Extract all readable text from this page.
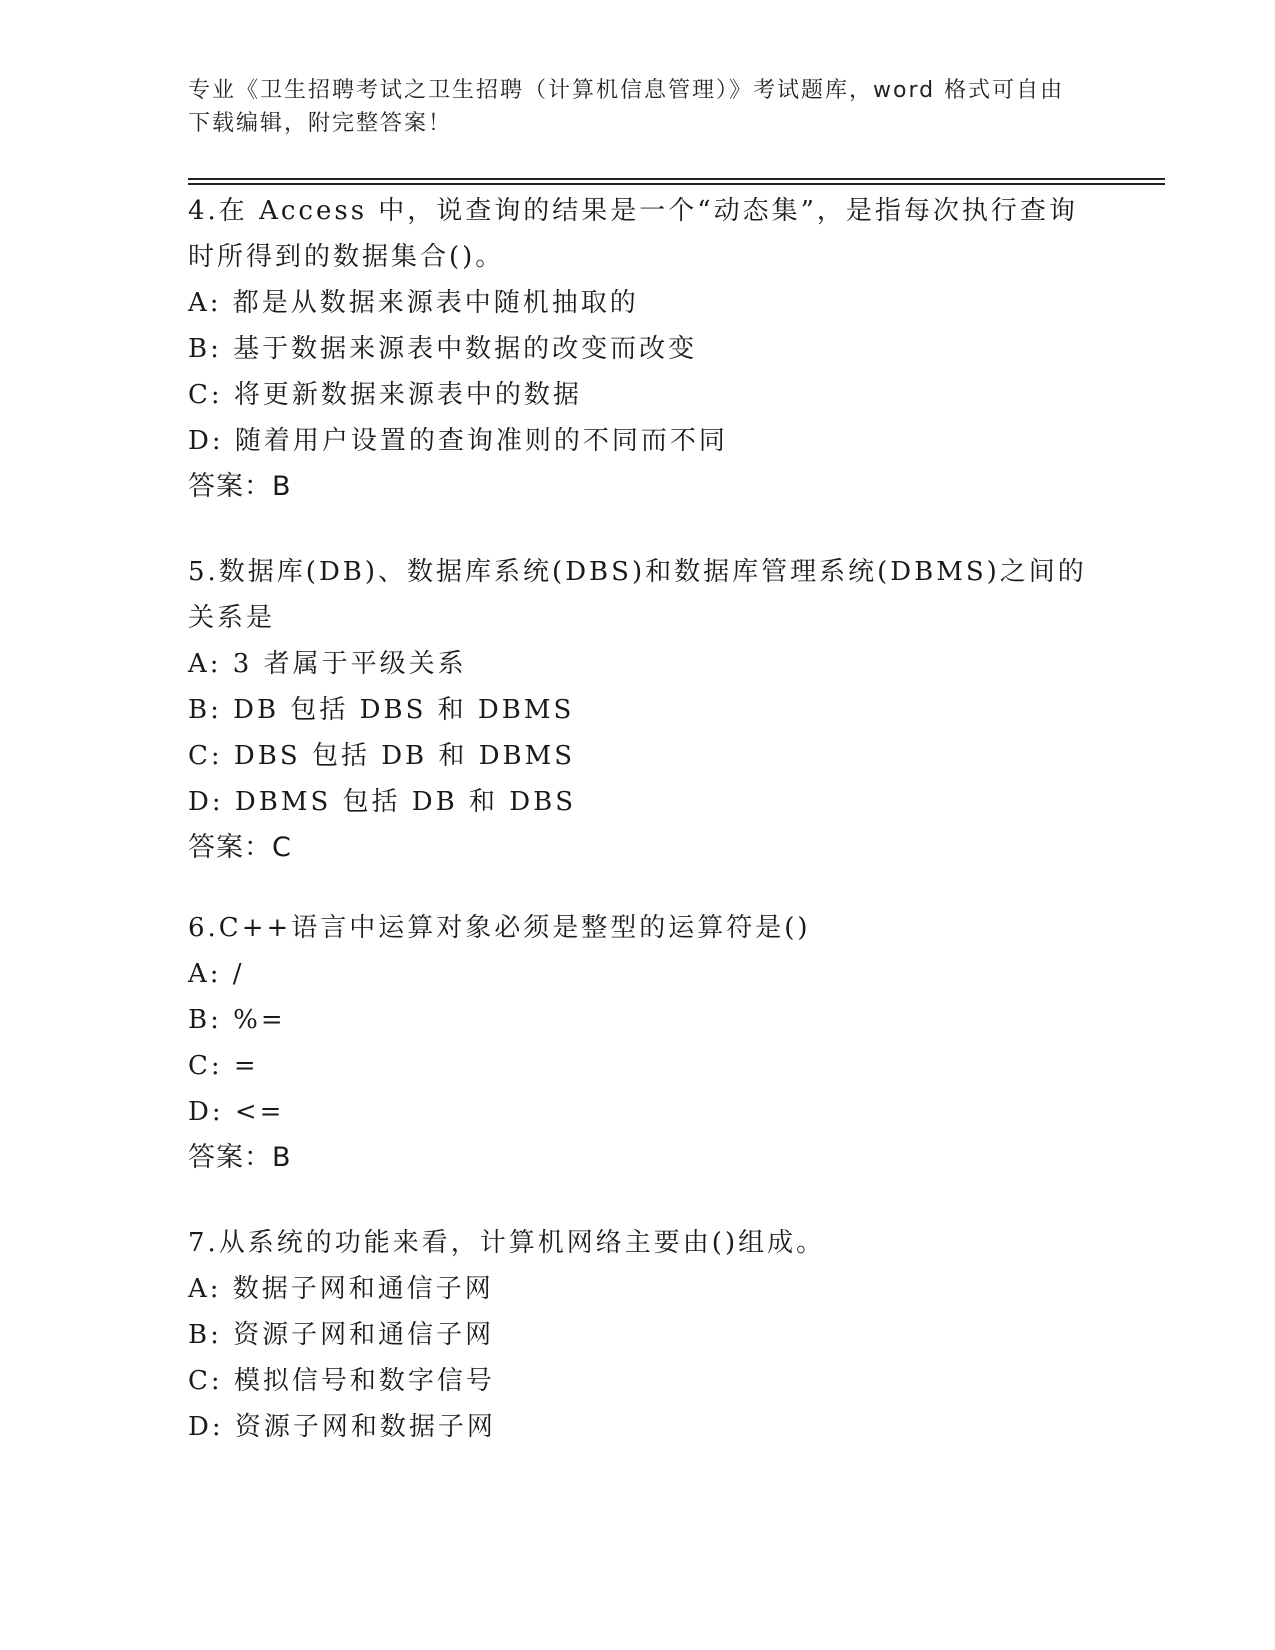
专业《卫生招聘考试之卫生招聘（计算机信息管理）》考试题库，word 格式可自由下载编辑，附完整答案！

4.在 Access 中，说查询的结果是一个“动态集”，是指每次执行查询时所得到的数据集合()。

A: 都是从数据来源表中随机抽取的

B: 基于数据来源表中数据的改变而改变

C: 将更新数据来源表中的数据

D: 随着用户设置的查询准则的不同而不同

答案：B

5.数据库(DB)、数据库系统(DBS)和数据库管理系统(DBMS)之间的关系是

A: 3 者属于平级关系

B: DB 包括 DBS 和 DBMS

C: DBS 包括 DB 和 DBMS

D: DBMS 包括 DB 和 DBS

答案：C

6.C++语言中运算对象必须是整型的运算符是()

A: /

B: %=

C: =

D: <=

答案：B

7.从系统的功能来看，计算机网络主要由()组成。

A: 数据子网和通信子网

B: 资源子网和通信子网

C: 模拟信号和数字信号

D: 资源子网和数据子网
